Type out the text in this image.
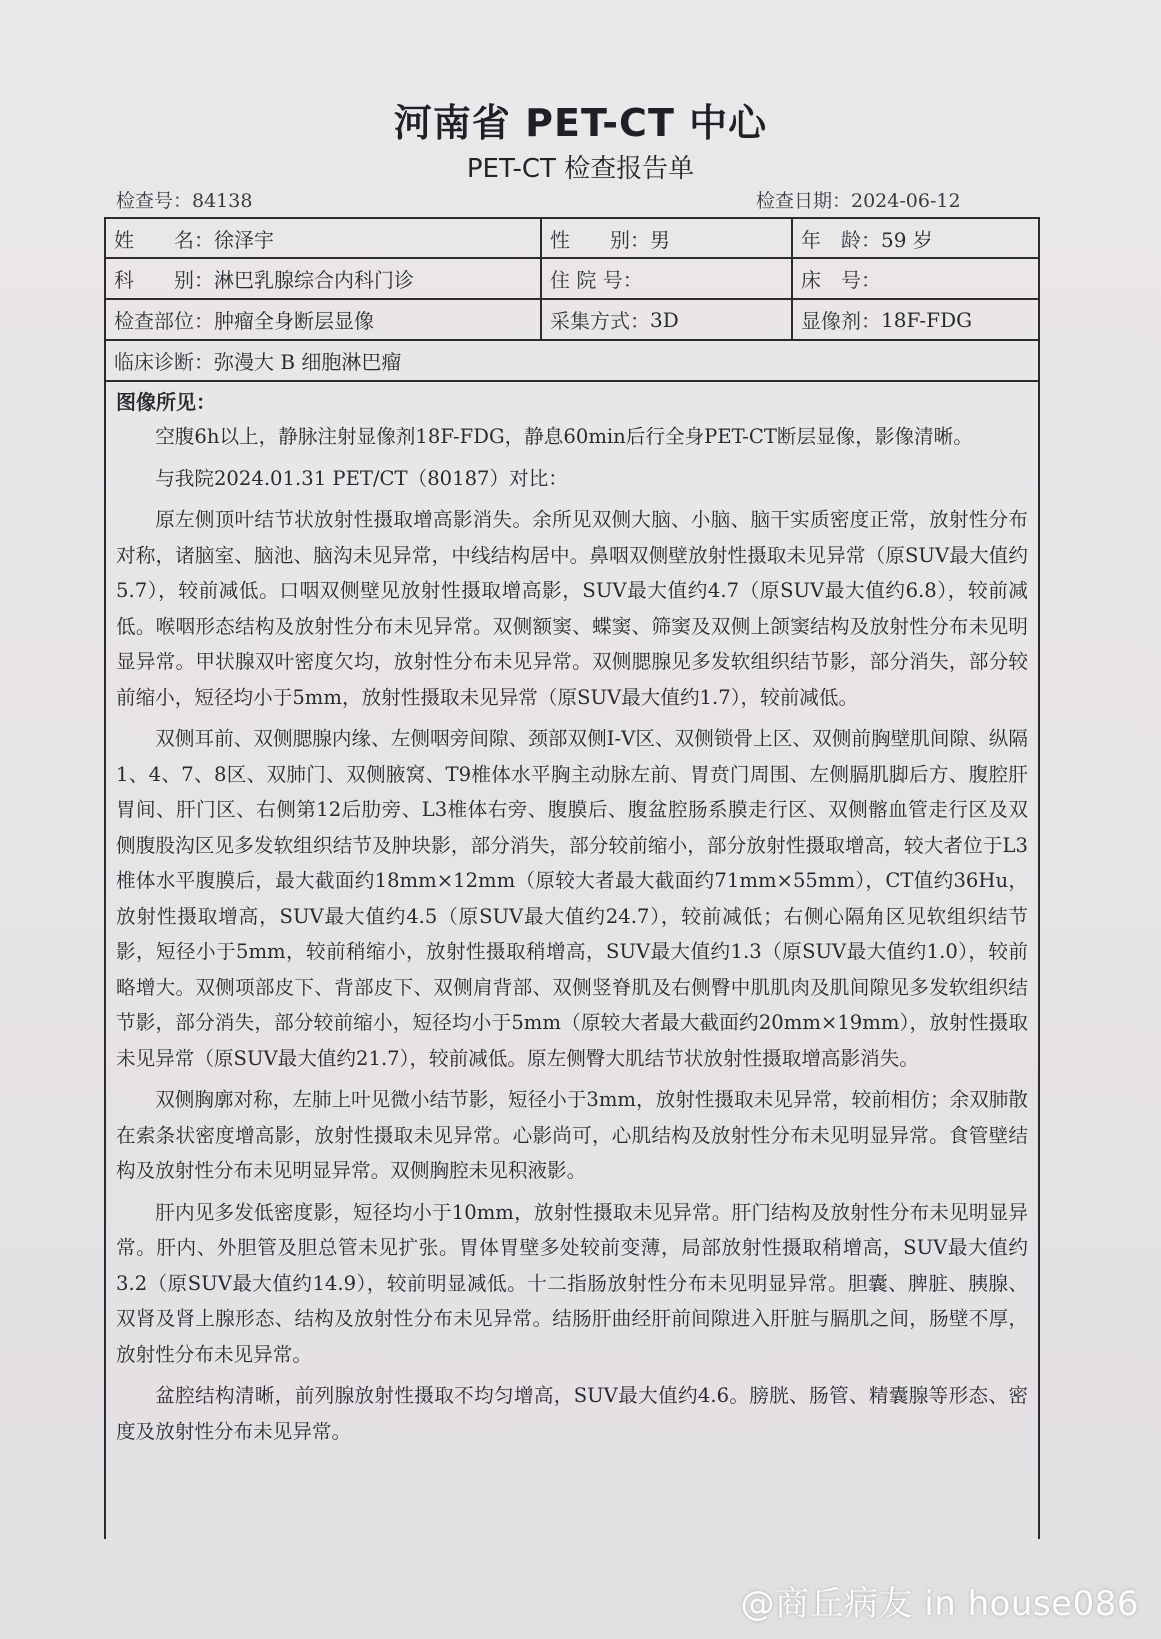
河南省 PET-CT 中心
PET-CT 检查报告单
检查号：84138	检查日期：2024-06-12
姓　　名： 徐泽宇	性　　别： 男	年　龄： 59 岁
科　　别： 淋巴乳腺综合内科门诊	住 院 号：	床　号：
检查部位： 肿瘤全身断层显像	采集方式： 3D	显像剂： 18F-FDG
临床诊断： 弥漫大 B 细胞淋巴瘤
图像所见：

空腹6h以上，静脉注射显像剂18F-FDG，静息60min后行全身PET-CT断层显像，影像清晰。

与我院2024.01.31 PET/CT（80187）对比：

原左侧顶叶结节状放射性摄取增高影消失。余所见双侧大脑、小脑、脑干实质密度正常，放射性分布对称，诸脑室、脑池、脑沟未见异常，中线结构居中。鼻咽双侧壁放射性摄取未见异常（原SUV最大值约5.7），较前减低。口咽双侧壁见放射性摄取增高影，SUV最大值约4.7（原SUV最大值约6.8），较前减低。喉咽形态结构及放射性分布未见异常。双侧额窦、蝶窦、筛窦及双侧上颌窦结构及放射性分布未见明显异常。甲状腺双叶密度欠均，放射性分布未见异常。双侧腮腺见多发软组织结节影，部分消失，部分较前缩小，短径均小于5mm，放射性摄取未见异常（原SUV最大值约1.7），较前减低。

双侧耳前、双侧腮腺内缘、左侧咽旁间隙、颈部双侧Ⅰ-Ⅴ区、双侧锁骨上区、双侧前胸壁肌间隙、纵隔1、4、7、8区、双肺门、双侧腋窝、T9椎体水平胸主动脉左前、胃贲门周围、左侧膈肌脚后方、腹腔肝胃间、肝门区、右侧第12后肋旁、L3椎体右旁、腹膜后、腹盆腔肠系膜走行区、双侧髂血管走行区及双侧腹股沟区见多发软组织结节及肿块影，部分消失，部分较前缩小，部分放射性摄取增高，较大者位于L3椎体水平腹膜后，最大截面约18mm×12mm（原较大者最大截面约71mm×55mm），CT值约36Hu，放射性摄取增高，SUV最大值约4.5（原SUV最大值约24.7），较前减低；右侧心隔角区见软组织结节影，短径小于5mm，较前稍缩小，放射性摄取稍增高，SUV最大值约1.3（原SUV最大值约1.0），较前略增大。双侧项部皮下、背部皮下、双侧肩背部、双侧竖脊肌及右侧臀中肌肌肉及肌间隙见多发软组织结节影，部分消失，部分较前缩小，短径均小于5mm（原较大者最大截面约20mm×19mm），放射性摄取未见异常（原SUV最大值约21.7），较前减低。原左侧臀大肌结节状放射性摄取增高影消失。

双侧胸廓对称，左肺上叶见微小结节影，短径小于3mm，放射性摄取未见异常，较前相仿；余双肺散在索条状密度增高影，放射性摄取未见异常。心影尚可，心肌结构及放射性分布未见明显异常。食管壁结构及放射性分布未见明显异常。双侧胸腔未见积液影。

肝内见多发低密度影，短径均小于10mm，放射性摄取未见异常。肝门结构及放射性分布未见明显异常。肝内、外胆管及胆总管未见扩张。胃体胃壁多处较前变薄，局部放射性摄取稍增高，SUV最大值约3.2（原SUV最大值约14.9），较前明显减低。十二指肠放射性分布未见明显异常。胆囊、脾脏、胰腺、双肾及肾上腺形态、结构及放射性分布未见异常。结肠肝曲经肝前间隙进入肝脏与膈肌之间，肠壁不厚，放射性分布未见异常。

盆腔结构清晰，前列腺放射性摄取不均匀增高，SUV最大值约4.6。膀胱、肠管、精囊腺等形态、密度及放射性分布未见异常。

@商丘病友 in house086
